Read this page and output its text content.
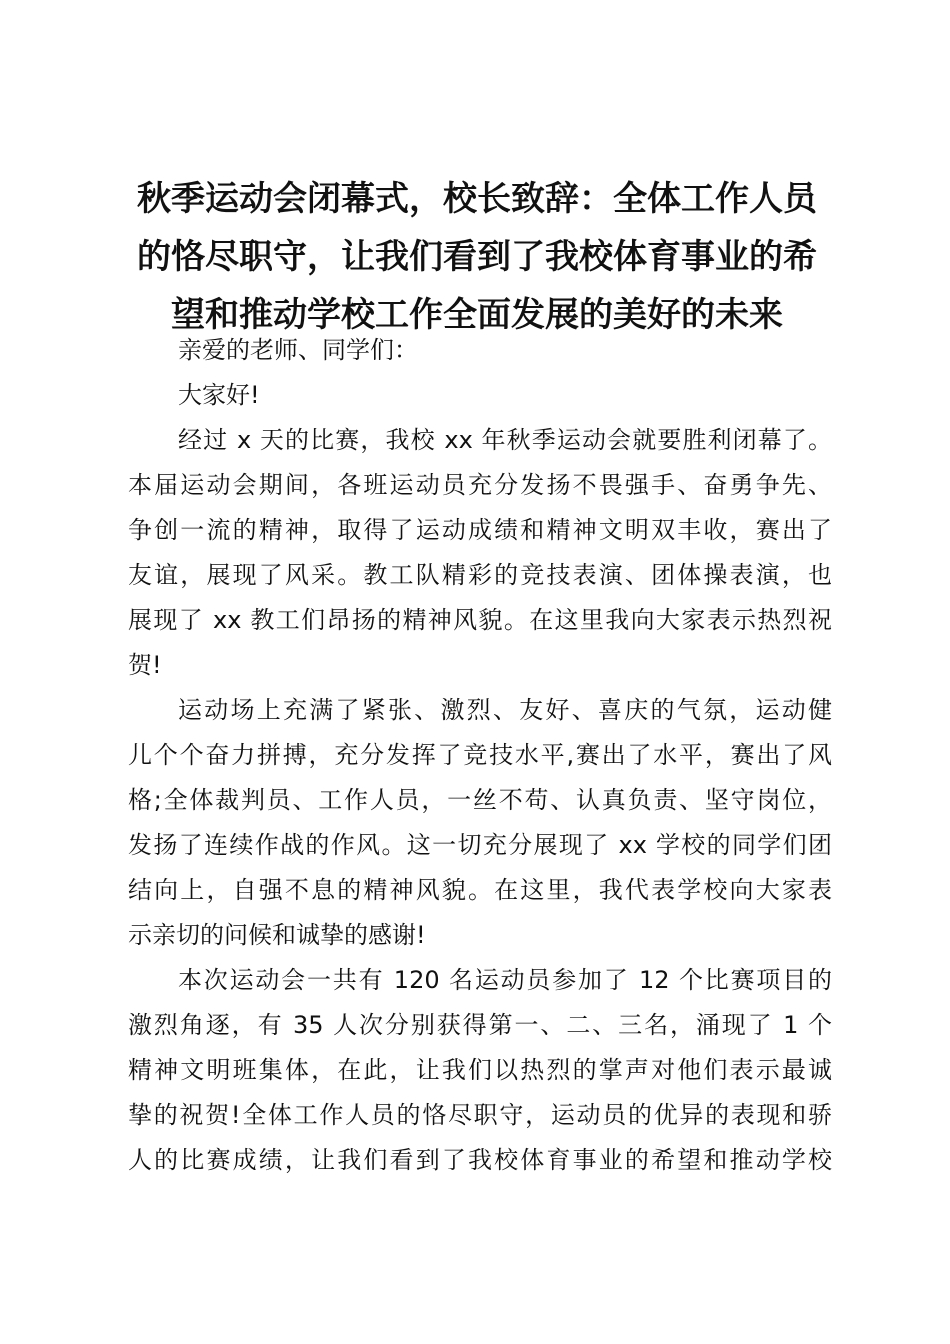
秋季运动会闭幕式，校长致辞：全体工作人员
的恪尽职守，让我们看到了我校体育事业的希
望和推动学校工作全面发展的美好的未来
亲爱的老师、同学们：
大家好!
经过 x 天的比赛，我校 xx 年秋季运动会就要胜利闭幕了。
本届运动会期间，各班运动员充分发扬不畏强手、奋勇争先、
争创一流的精神，取得了运动成绩和精神文明双丰收，赛出了
友谊，展现了风采。教工队精彩的竞技表演、团体操表演，也
展现了 xx 教工们昂扬的精神风貌。在这里我向大家表示热烈祝
贺!
运动场上充满了紧张、激烈、友好、喜庆的气氛，运动健
儿个个奋力拼搏，充分发挥了竞技水平,赛出了水平，赛出了风
格;全体裁判员、工作人员，一丝不苟、认真负责、坚守岗位，
发扬了连续作战的作风。这一切充分展现了 xx 学校的同学们团
结向上，自强不息的精神风貌。在这里，我代表学校向大家表
示亲切的问候和诚挚的感谢!
本次运动会一共有 120 名运动员参加了 12 个比赛项目的
激烈角逐，有 35 人次分别获得第一、二、三名，涌现了 1 个
精神文明班集体，在此，让我们以热烈的掌声对他们表示最诚
挚的祝贺!全体工作人员的恪尽职守，运动员的优异的表现和骄
人的比赛成绩，让我们看到了我校体育事业的希望和推动学校
